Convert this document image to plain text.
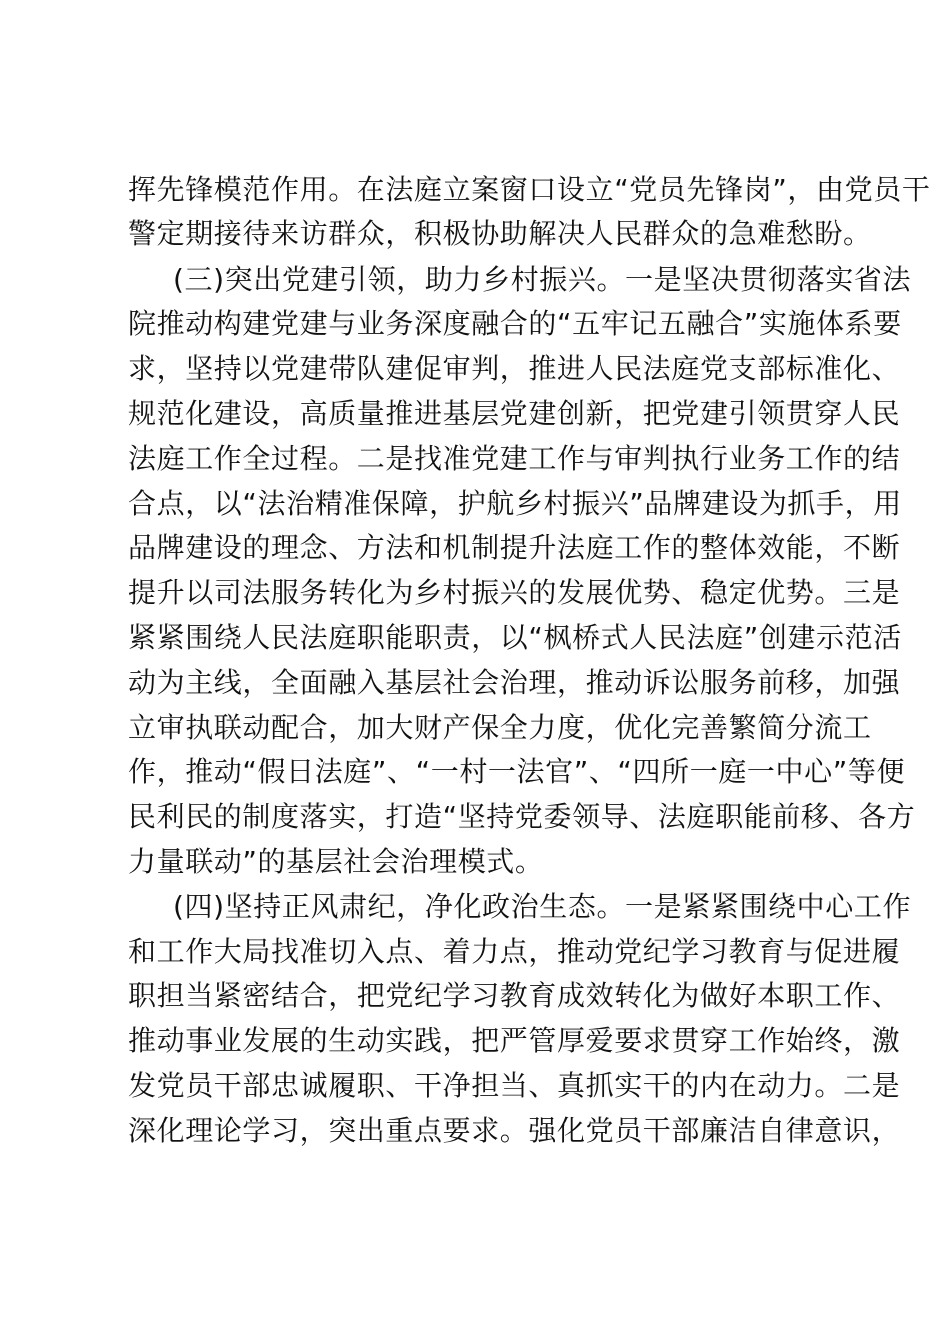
挥先锋模范作用。在法庭立案窗口设立“党员先锋岗”，由党员干
警定期接待来访群众，积极协助解决人民群众的急难愁盼。
(三)突出党建引领，助力乡村振兴。一是坚决贯彻落实省法
院推动构建党建与业务深度融合的“五牢记五融合”实施体系要
求，坚持以党建带队建促审判，推进人民法庭党支部标准化、
规范化建设，高质量推进基层党建创新，把党建引领贯穿人民
法庭工作全过程。二是找准党建工作与审判执行业务工作的结
合点，以“法治精准保障，护航乡村振兴”品牌建设为抓手，用
品牌建设的理念、方法和机制提升法庭工作的整体效能，不断
提升以司法服务转化为乡村振兴的发展优势、稳定优势。三是
紧紧围绕人民法庭职能职责，以“枫桥式人民法庭”创建示范活
动为主线，全面融入基层社会治理，推动诉讼服务前移，加强
立审执联动配合，加大财产保全力度，优化完善繁简分流工
作，推动“假日法庭”、“一村一法官”、“四所一庭一中心”等便
民利民的制度落实，打造“坚持党委领导、法庭职能前移、各方
力量联动”的基层社会治理模式。
(四)坚持正风肃纪，净化政治生态。一是紧紧围绕中心工作
和工作大局找准切入点、着力点，推动党纪学习教育与促进履
职担当紧密结合，把党纪学习教育成效转化为做好本职工作、
推动事业发展的生动实践，把严管厚爱要求贯穿工作始终，激
发党员干部忠诚履职、干净担当、真抓实干的内在动力。二是
深化理论学习，突出重点要求。强化党员干部廉洁自律意识，
